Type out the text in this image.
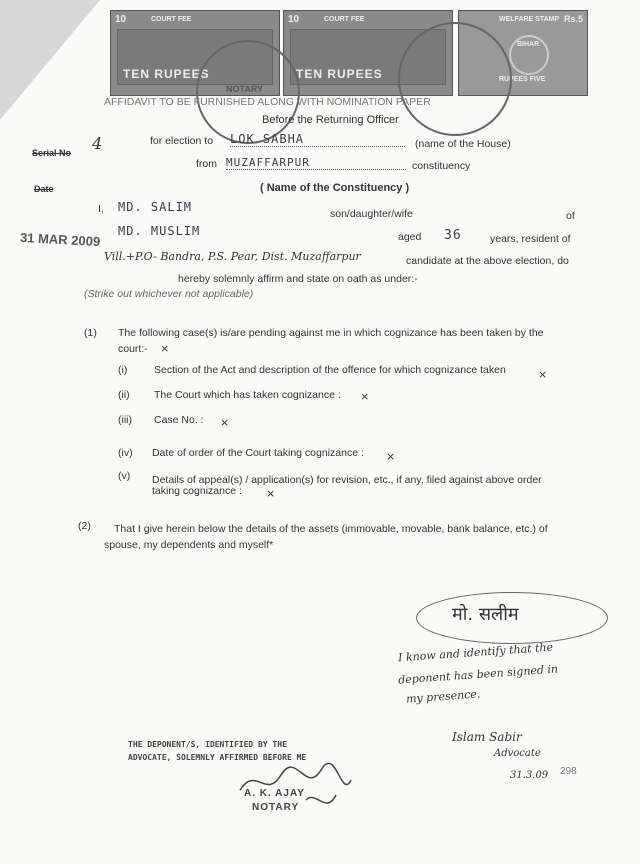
10	COURT FEE
TEN RUPEES
10	COURT FEE
TEN RUPEES
Rs.5
WELFARE STAMP
BIHAR
RUPEES FIVE
NOTARY
AFFIDAVIT TO BE FURNISHED ALONG WITH NOMINATION PAPER
Before the Returning Officer
for election to LOK SABHA	(name of the House)
from MUZAFFARPUR	constituency
( Name of the Constituency )
Serial No 4
Date
31 MAR 2009
I, MD. SALIM	son/daughter/wife	of
MD. MUSLIM	aged 36	years, resident of
Vill.+P.O- Bandra, P.S. Pear, Dist. Muzaffarpur	candidate at the above election, do
hereby solemnly affirm and state on oath as under:-
(Strike out whichever not applicable)
(1) The following case(s) is/are pending against me in which cognizance has been taken by the
court:- ×
(i)	Section of the Act and description of the offence for which cognizance taken	×
(ii) The Court which has taken cognizance : ×
(iii) Case No. : ×
(iv) Date of order of the Court taking cognizance : ×
(v) Details of appeal(s) / application(s) for revision, etc., if any, filed against above order
taking cognizance : ×
(2) That I give herein below the details of the assets (immovable, movable, bank balance, etc.) of
spouse, my dependents and myself*
मो. सलीम
I know and identify that the
deponent has been signed in
my presence.
Islam Sabir
Advocate
31.3.09 298
THE DEPONENT/S, IDENTIFIED BY THE
ADVOCATE, SOLEMNLY AFFIRMED BEFORE ME
A. K. AJAY
NOTARY
